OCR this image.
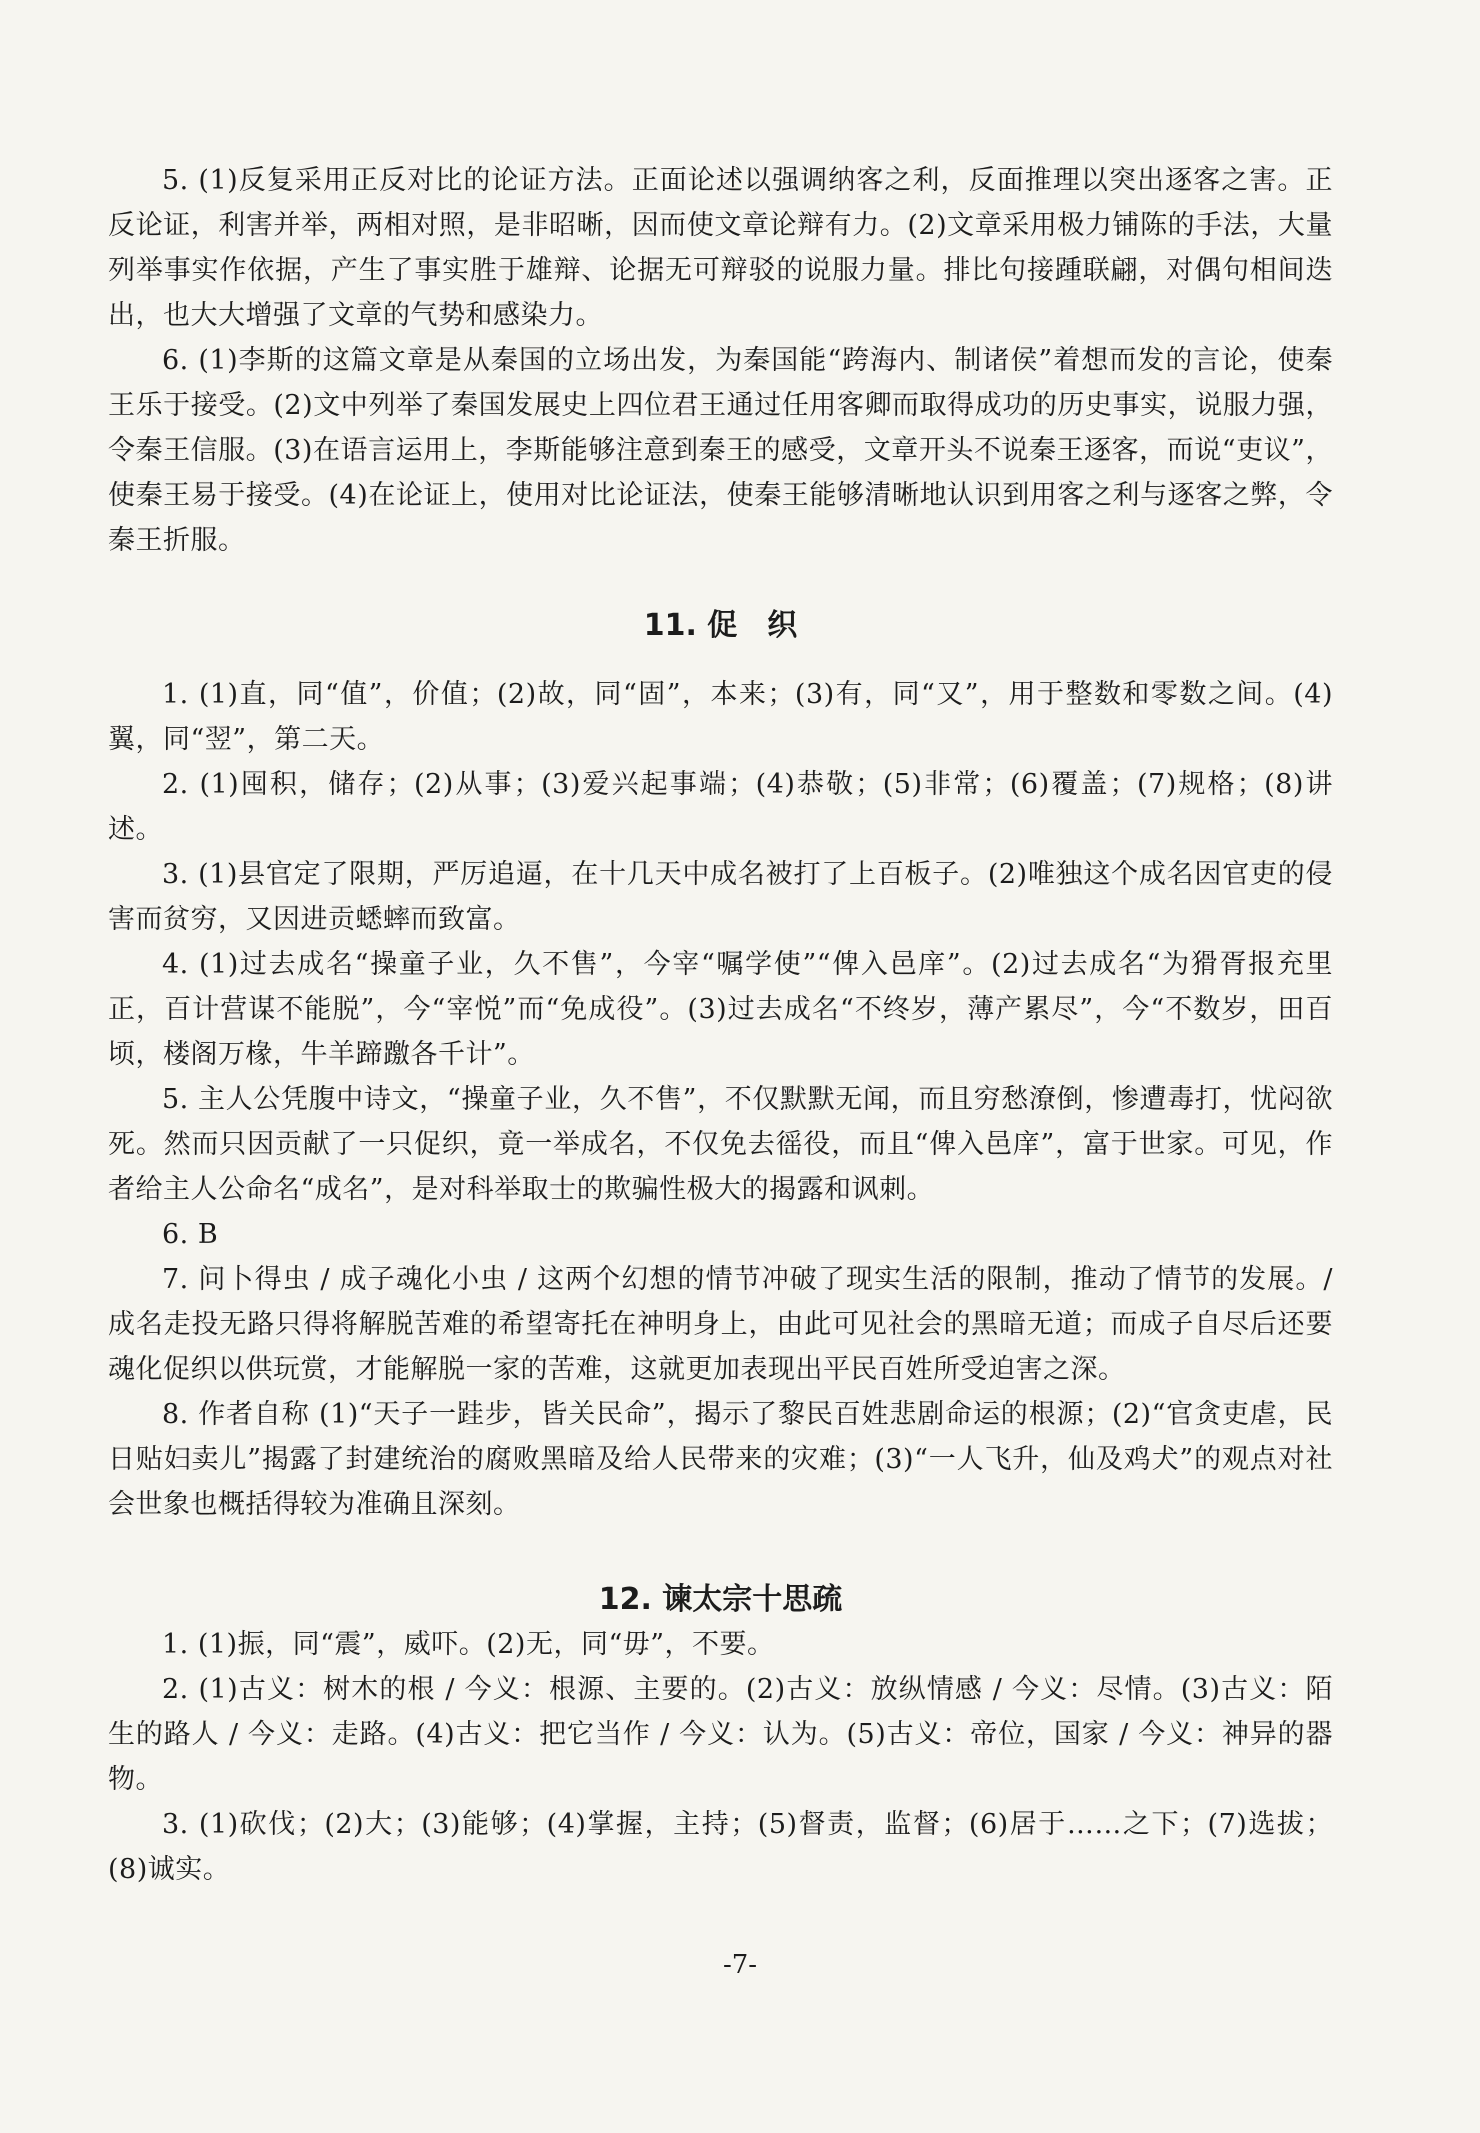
5. (1)反复采用正反对比的论证方法。正面论述以强调纳客之利，反面推理以突出逐客之害。正反论证，利害并举，两相对照，是非昭晰，因而使文章论辩有力。(2)文章采用极力铺陈的手法，大量列举事实作依据，产生了事实胜于雄辩、论据无可辩驳的说服力量。排比句接踵联翩，对偶句相间迭出，也大大增强了文章的气势和感染力。

6. (1)李斯的这篇文章是从秦国的立场出发，为秦国能“跨海内、制诸侯”着想而发的言论，使秦王乐于接受。(2)文中列举了秦国发展史上四位君王通过任用客卿而取得成功的历史事实，说服力强，令秦王信服。(3)在语言运用上，李斯能够注意到秦王的感受，文章开头不说秦王逐客，而说“吏议”，使秦王易于接受。(4)在论证上，使用对比论证法，使秦王能够清晰地认识到用客之利与逐客之弊，令秦王折服。

11. 促　织

1. (1)直，同“值”，价值；(2)故，同“固”，本来；(3)有，同“又”，用于整数和零数之间。(4)翼，同“翌”，第二天。

2. (1)囤积，储存；(2)从事；(3)爱兴起事端；(4)恭敬；(5)非常；(6)覆盖；(7)规格；(8)讲述。

3. (1)县官定了限期，严厉追逼，在十几天中成名被打了上百板子。(2)唯独这个成名因官吏的侵害而贫穷，又因进贡蟋蟀而致富。

4. (1)过去成名“操童子业，久不售”，今宰“嘱学使”“俾入邑庠”。(2)过去成名“为猾胥报充里正，百计营谋不能脱”，今“宰悦”而“免成役”。(3)过去成名“不终岁，薄产累尽”，今“不数岁，田百顷，楼阁万椽，牛羊蹄躈各千计”。

5. 主人公凭腹中诗文，“操童子业，久不售”，不仅默默无闻，而且穷愁潦倒，惨遭毒打，忧闷欲死。然而只因贡献了一只促织，竟一举成名，不仅免去徭役，而且“俾入邑庠”，富于世家。可见，作者给主人公命名“成名”，是对科举取士的欺骗性极大的揭露和讽刺。

6. B

7. 问卜得虫 / 成子魂化小虫 / 这两个幻想的情节冲破了现实生活的限制，推动了情节的发展。/ 成名走投无路只得将解脱苦难的希望寄托在神明身上，由此可见社会的黑暗无道；而成子自尽后还要魂化促织以供玩赏，才能解脱一家的苦难，这就更加表现出平民百姓所受迫害之深。

8. 作者自称 (1)“天子一跬步，皆关民命”，揭示了黎民百姓悲剧命运的根源；(2)“官贪吏虐，民日贴妇卖儿”揭露了封建统治的腐败黑暗及给人民带来的灾难；(3)“一人飞升，仙及鸡犬”的观点对社会世象也概括得较为准确且深刻。

12. 谏太宗十思疏

1. (1)振，同“震”，威吓。(2)无，同“毋”，不要。

2. (1)古义：树木的根 / 今义：根源、主要的。(2)古义：放纵情感 / 今义：尽情。(3)古义：陌生的路人 / 今义：走路。(4)古义：把它当作 / 今义：认为。(5)古义：帝位，国家 / 今义：神异的器物。

3. (1)砍伐；(2)大；(3)能够；(4)掌握，主持；(5)督责，监督；(6)居于……之下；(7)选拔；(8)诚实。

-7-
